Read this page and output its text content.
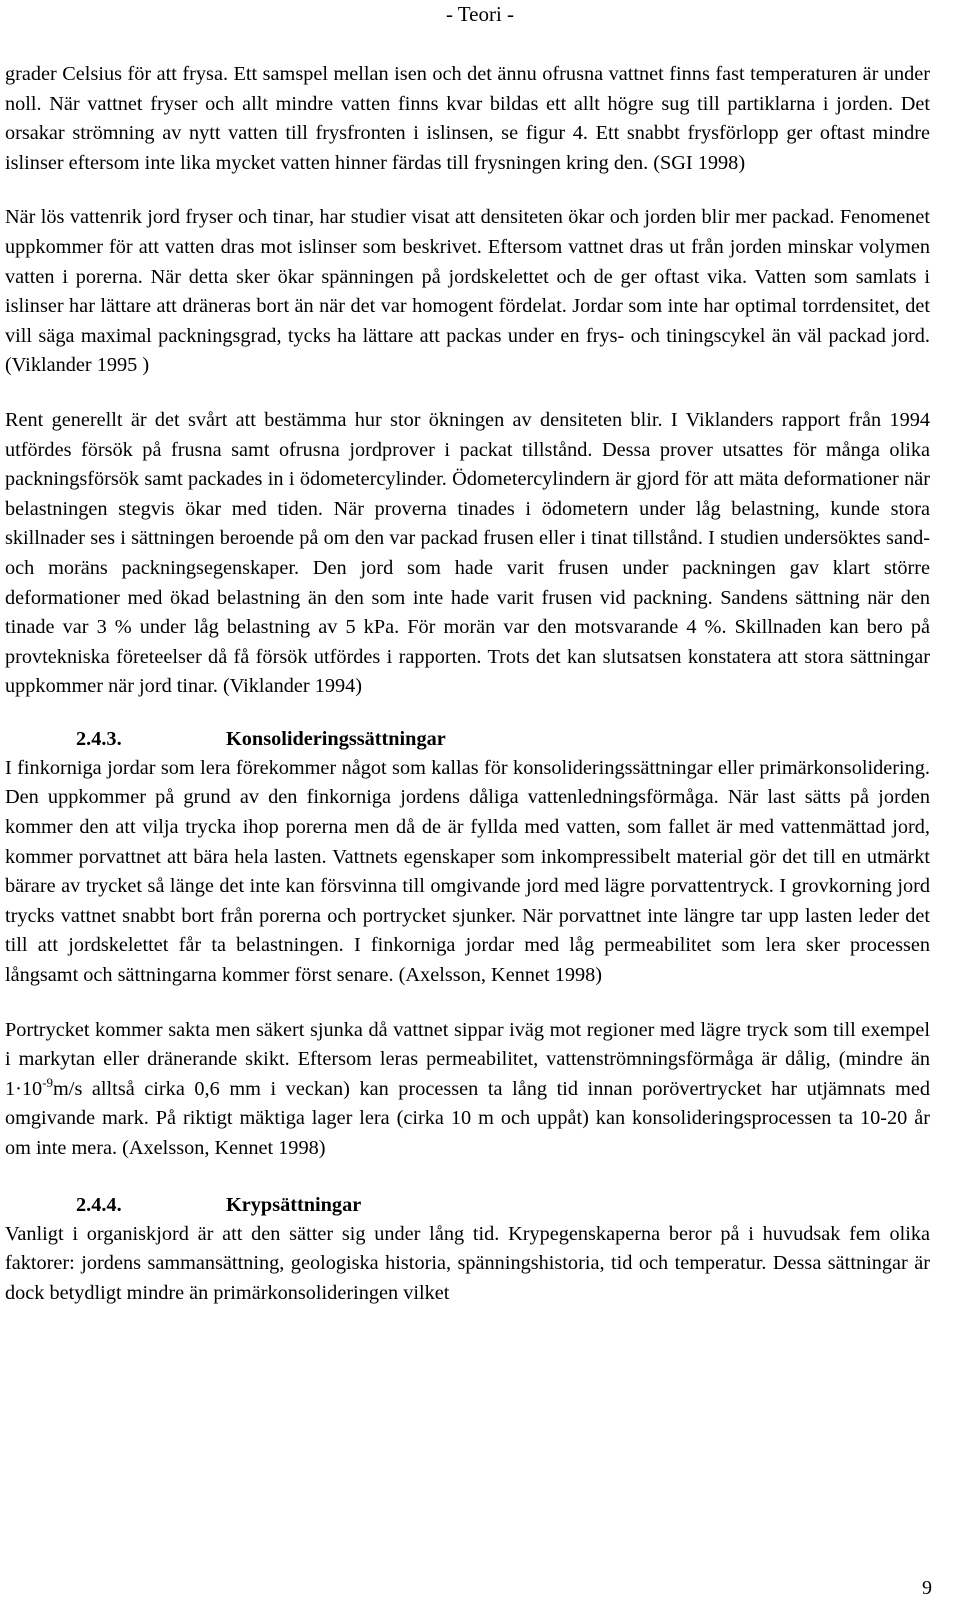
- Teori -

grader Celsius för att frysa. Ett samspel mellan isen och det ännu ofrusna vattnet finns fast temperaturen är under noll. När vattnet fryser och allt mindre vatten finns kvar bildas ett allt högre sug till partiklarna i jorden. Det orsakar strömning av nytt vatten till frysfronten i islinsen, se figur 4. Ett snabbt frysförlopp ger oftast mindre islinser eftersom inte lika mycket vatten hinner färdas till frysningen kring den. (SGI 1998)

När lös vattenrik jord fryser och tinar, har studier visat att densiteten ökar och jorden blir mer packad. Fenomenet uppkommer för att vatten dras mot islinser som beskrivet. Eftersom vattnet dras ut från jorden minskar volymen vatten i porerna. När detta sker ökar spänningen på jordskelettet och de ger oftast vika. Vatten som samlats i islinser har lättare att dräneras bort än när det var homogent fördelat. Jordar som inte har optimal torrdensitet, det vill säga maximal packningsgrad, tycks ha lättare att packas under en frys- och tiningscykel än väl packad jord. (Viklander 1995 )

Rent generellt är det svårt att bestämma hur stor ökningen av densiteten blir. I Viklanders rapport från 1994 utfördes försök på frusna samt ofrusna jordprover i packat tillstånd. Dessa prover utsattes för många olika packningsförsök samt packades in i ödometercylinder. Ödometercylindern är gjord för att mäta deformationer när belastningen stegvis ökar med tiden. När proverna tinades i ödometern under låg belastning, kunde stora skillnader ses i sättningen beroende på om den var packad frusen eller i tinat tillstånd. I studien undersöktes sand- och moräns packningsegenskaper. Den jord som hade varit frusen under packningen gav klart större deformationer med ökad belastning än den som inte hade varit frusen vid packning. Sandens sättning när den tinade var 3 % under låg belastning av 5 kPa. För morän var den motsvarande 4 %. Skillnaden kan bero på provtekniska företeelser då få försök utfördes i rapporten. Trots det kan slutsatsen konstatera att stora sättningar uppkommer när jord tinar. (Viklander 1994)

2.4.3.	Konsolideringssättningar

I finkorniga jordar som lera förekommer något som kallas för konsolideringssättningar eller primärkonsolidering. Den uppkommer på grund av den finkorniga jordens dåliga vattenledningsförmåga. När last sätts på jorden kommer den att vilja trycka ihop porerna men då de är fyllda med vatten, som fallet är med vattenmättad jord, kommer porvattnet att bära hela lasten. Vattnets egenskaper som inkompressibelt material gör det till en utmärkt bärare av trycket så länge det inte kan försvinna till omgivande jord med lägre porvattentryck. I grovkorning jord trycks vattnet snabbt bort från porerna och portrycket sjunker. När porvattnet inte längre tar upp lasten leder det till att jordskelettet får ta belastningen. I finkorniga jordar med låg permeabilitet som lera sker processen långsamt och sättningarna kommer först senare. (Axelsson, Kennet 1998)

Portrycket kommer sakta men säkert sjunka då vattnet sippar iväg mot regioner med lägre tryck som till exempel i markytan eller dränerande skikt. Eftersom leras permeabilitet, vattenströmningsförmåga är dålig, (mindre än $1\cdot 10^{-9}m/s$ alltså cirka 0,6 mm i veckan) kan processen ta lång tid innan porövertrycket har utjämnats med omgivande mark. På riktigt mäktiga lager lera (cirka 10 m och uppåt) kan konsolideringsprocessen ta 10-20 år om inte mera. (Axelsson, Kennet 1998)

2.4.4.	Krypsättningar

Vanligt i organiskjord är att den sätter sig under lång tid. Krypegenskaperna beror på i huvudsak fem olika faktorer: jordens sammansättning, geologiska historia, spänningshistoria, tid och temperatur. Dessa sättningar är dock betydligt mindre än primärkonsolideringen vilket

9
